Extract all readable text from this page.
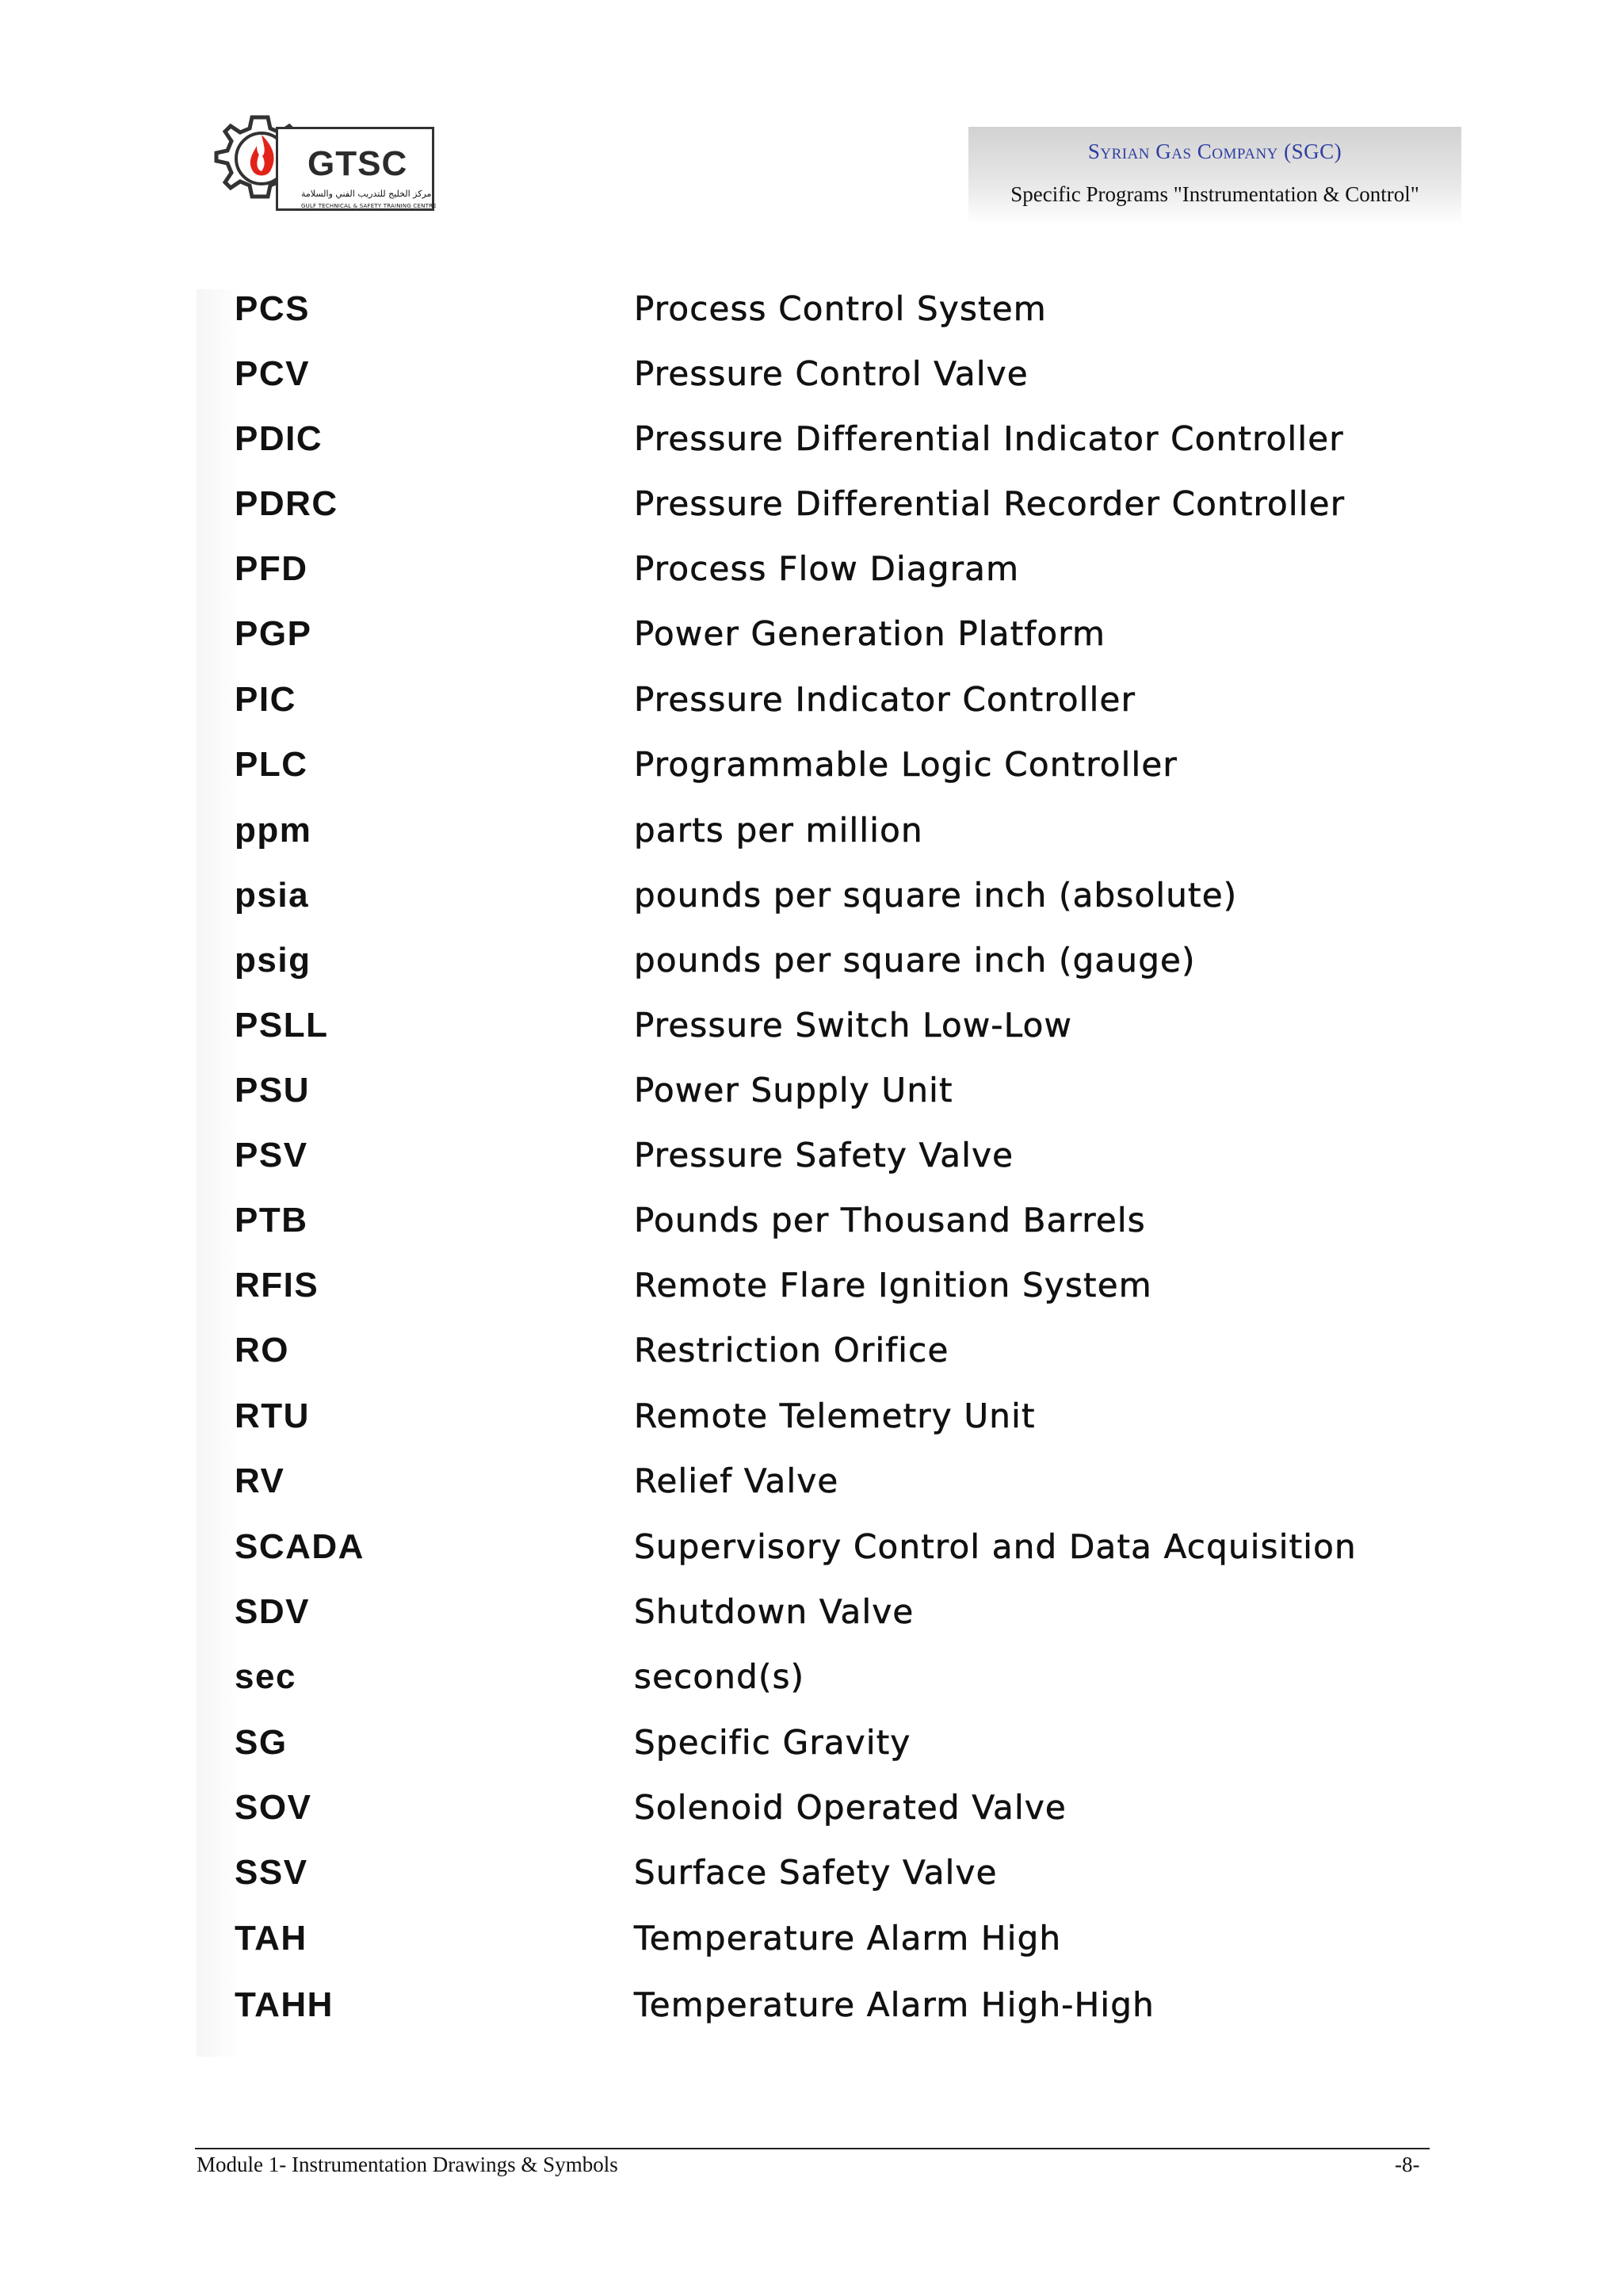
GTSC
مركز الخليج للتدريب الفني والسلامة
GULF TECHNICAL & SAFETY TRAINING CENTRE
Syrian Gas Company (SGC)
Specific Programs "Instrumentation & Control"
PCS	Process Control System
PCV	Pressure Control Valve
PDIC	Pressure Differential Indicator Controller
PDRC	Pressure Differential Recorder Controller
PFD	Process Flow Diagram
PGP	Power Generation Platform
PIC	Pressure Indicator Controller
PLC	Programmable Logic Controller
ppm	parts per million
psia	pounds per square inch (absolute)
psig	pounds per square inch (gauge)
PSLL	Pressure Switch Low-Low
PSU	Power Supply Unit
PSV	Pressure Safety Valve
PTB	Pounds per Thousand Barrels
RFIS	Remote Flare Ignition System
RO	Restriction Orifice
RTU	Remote Telemetry Unit
RV	Relief Valve
SCADA	Supervisory Control and Data Acquisition
SDV	Shutdown Valve
sec	second(s)
SG	Specific Gravity
SOV	Solenoid Operated Valve
SSV	Surface Safety Valve
TAH	Temperature Alarm High
TAHH	Temperature Alarm High-High
Module 1- Instrumentation Drawings & Symbols	-8-
